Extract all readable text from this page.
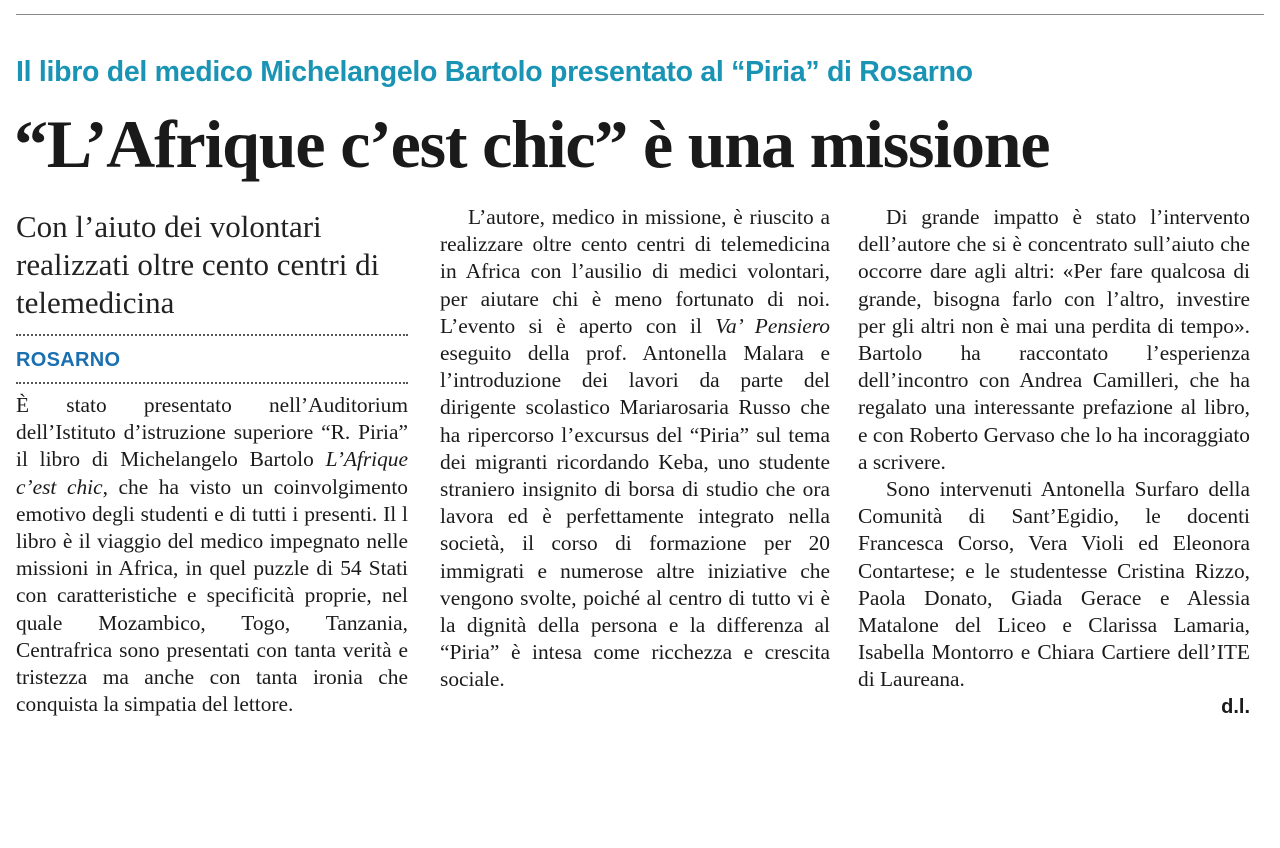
Il libro del medico Michelangelo Bartolo presentato al “Piria” di Rosarno
“L’Afrique c’est chic” è una missione

Con l’aiuto dei volontari realizzati oltre cento centri di telemedicina

ROSARNO

È stato presentato nell’Auditorium dell’Istituto d’istruzione superiore “R. Piria” il libro di Michelangelo Bartolo L’Afrique c’est chic, che ha visto un coinvolgimento emotivo degli studenti e di tutti i presenti. Il l libro è il viaggio del medico impegnato nelle missioni in Africa, in quel puzzle di 54 Stati con caratteristiche e specificità proprie, nel quale Mozambico, Togo, Tanzania, Centrafrica sono presentati con tanta verità e tristezza ma anche con tanta ironia che conquista la simpatia del lettore.

L’autore, medico in missione, è riuscito a realizzare oltre cento centri di telemedicina in Africa con l’ausilio di medici volontari, per aiutare chi è meno fortunato di noi. L’evento si è aperto con il Va’ Pensiero eseguito della prof. Antonella Malara e l’introduzione dei lavori da parte del dirigente scolastico Mariarosaria Russo che ha ripercorso l’excursus del “Piria” sul tema dei migranti ricordando Keba, uno studente straniero insignito di borsa di studio che ora lavora ed è perfettamente integrato nella società, il corso di formazione per 20 immigrati e numerose altre iniziative che vengono svolte, poiché al centro di tutto vi è la dignità della persona e la differenza al “Piria” è intesa come ricchezza e crescita sociale.

Di grande impatto è stato l’intervento dell’autore che si è concentrato sull’aiuto che occorre dare agli altri: «Per fare qualcosa di grande, bisogna farlo con l’altro, investire per gli altri non è mai una perdita di tempo». Bartolo ha raccontato l’esperienza dell’incontro con Andrea Camilleri, che ha regalato una interessante prefazione al libro, e con Roberto Gervaso che lo ha incoraggiato a scrivere.

Sono intervenuti Antonella Surfaro della Comunità di Sant’Egidio, le docenti Francesca Corso, Vera Violi ed Eleonora Contartese; e le studentesse Cristina Rizzo, Paola Donato, Giada Gerace e Alessia Matalone del Liceo e Clarissa Lamaria, Isabella Montorro e Chiara Cartiere dell’ITE di Laureana.

d.l.
